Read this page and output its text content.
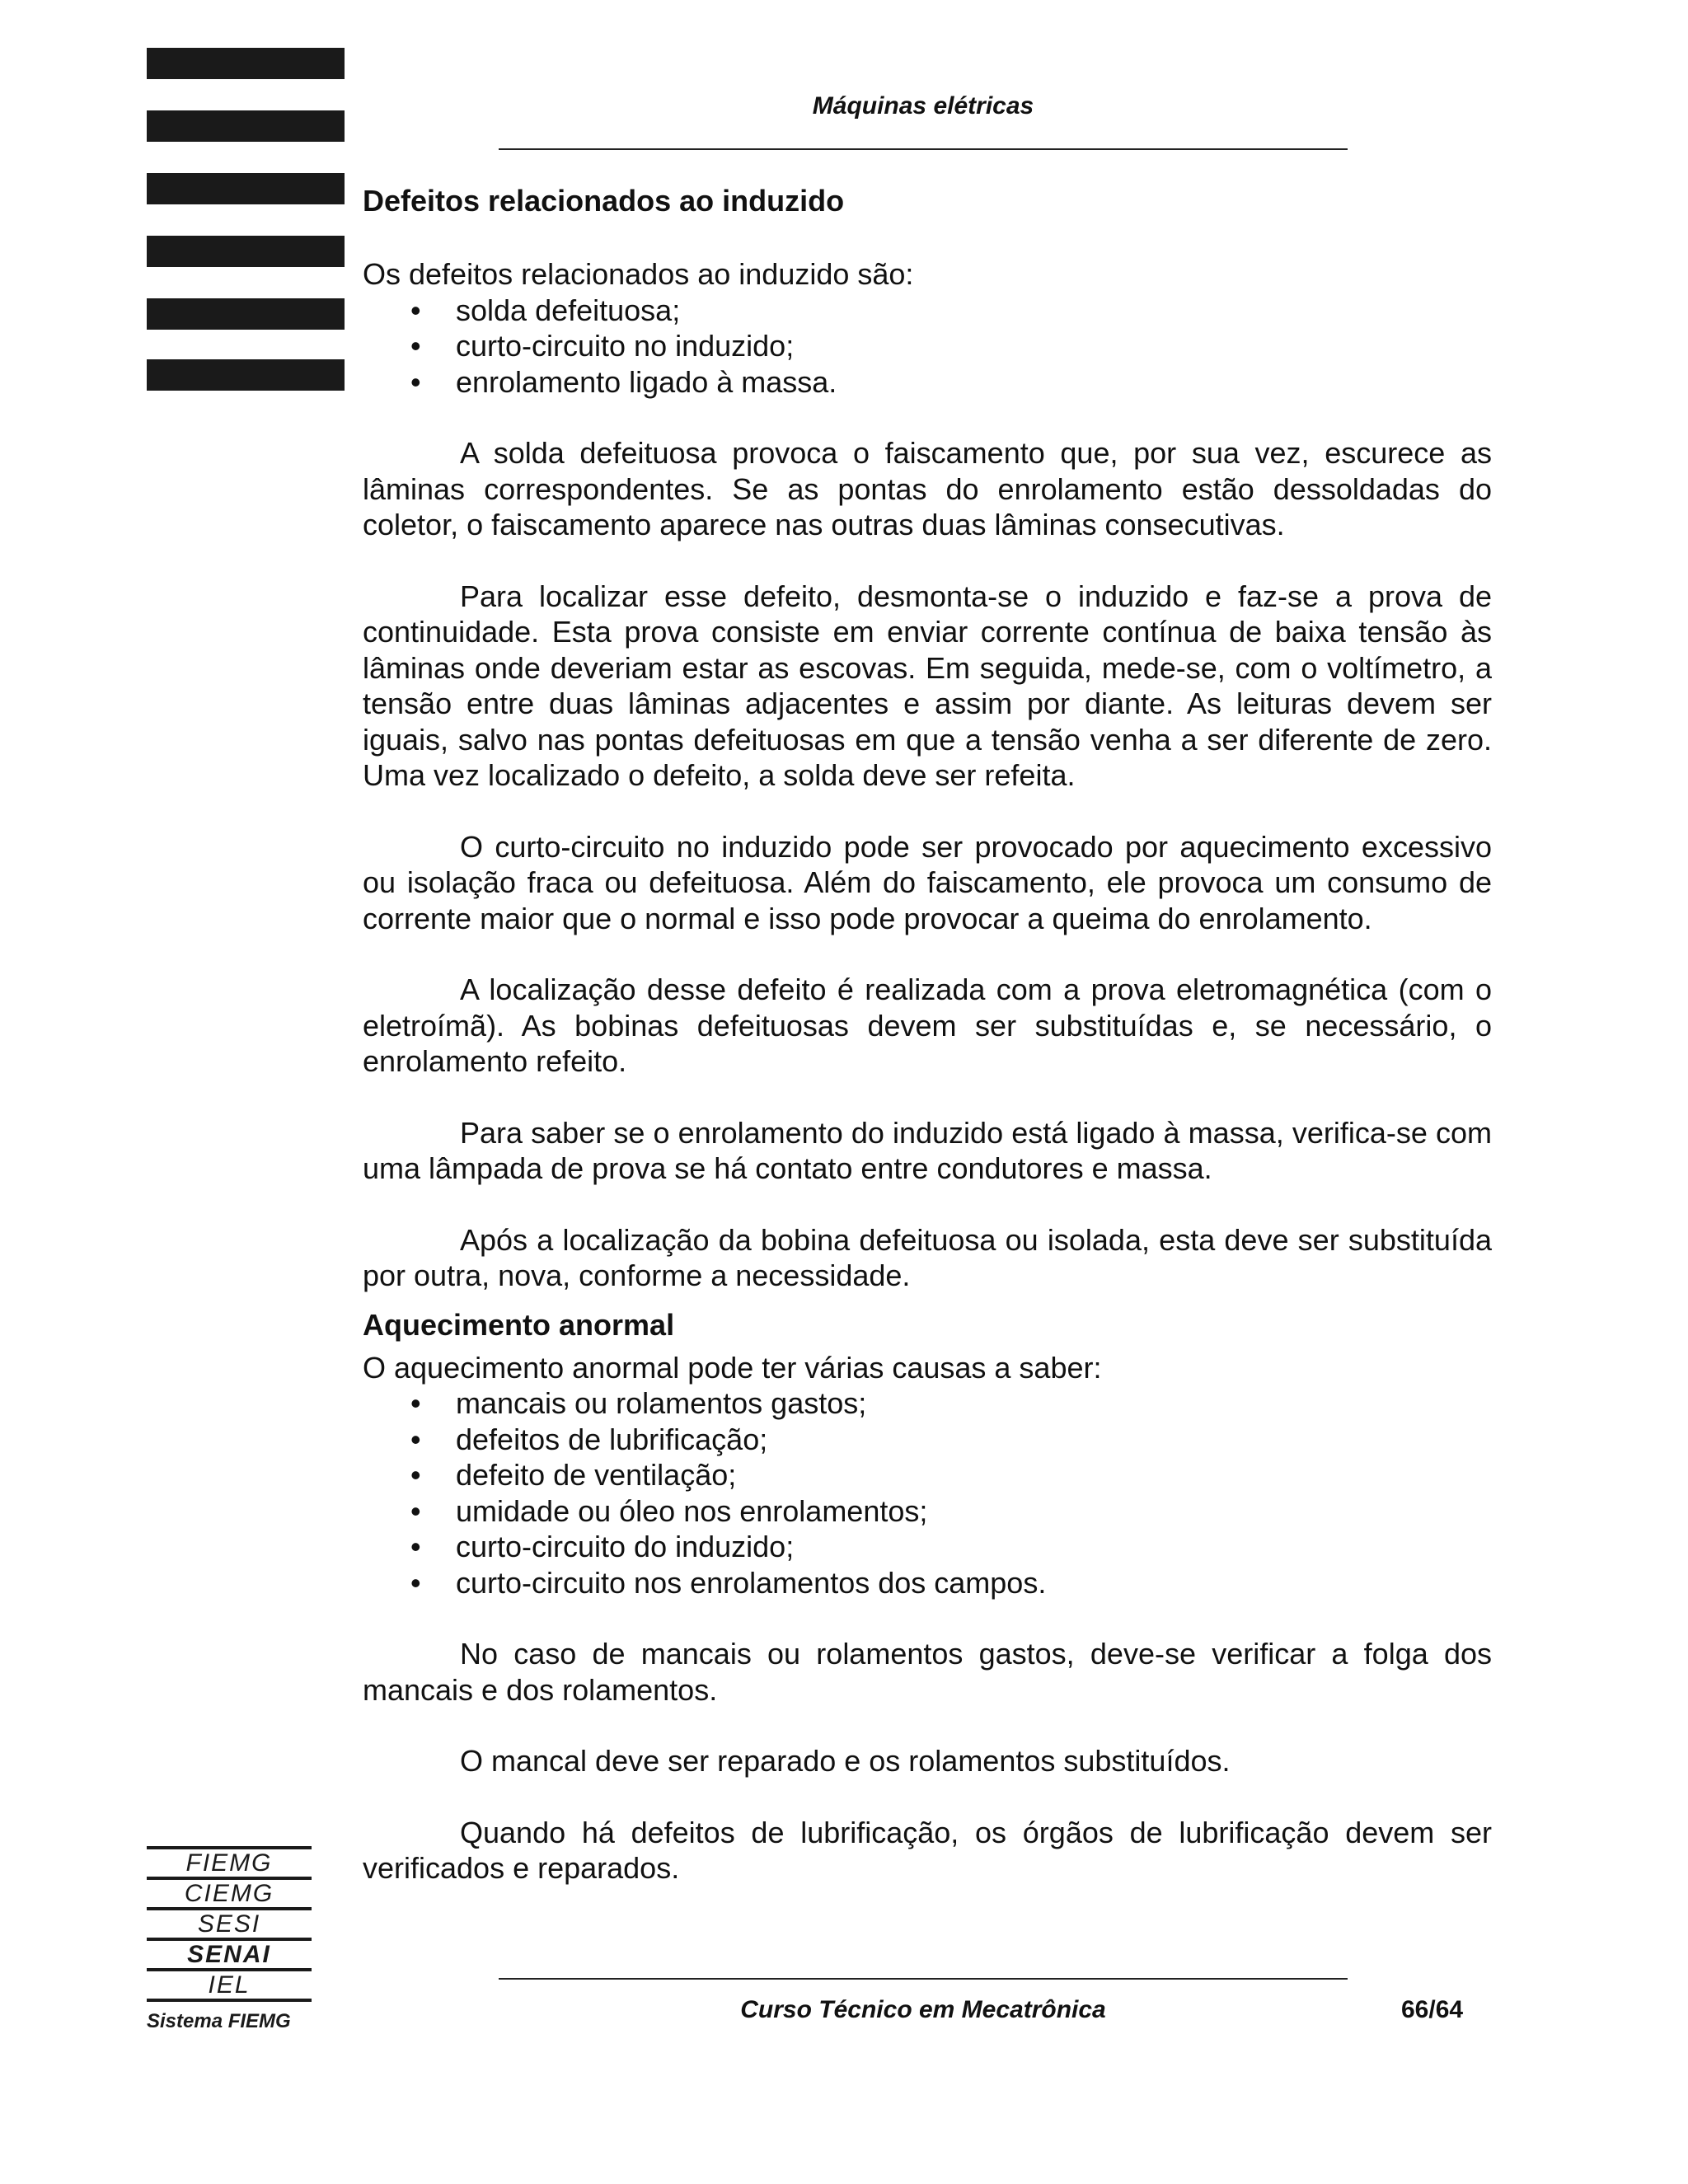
Máquinas elétricas
Defeitos relacionados ao induzido

Os defeitos relacionados ao induzido são:

• solda defeituosa;
• curto-circuito no induzido;
• enrolamento ligado à massa.

A solda defeituosa provoca o faiscamento que, por sua vez, escurece as lâminas correspondentes. Se as pontas do enrolamento estão dessoldadas do coletor, o faiscamento aparece nas outras duas lâminas consecutivas.

Para localizar esse defeito, desmonta-se o induzido e faz-se a prova de continuidade. Esta prova consiste em enviar corrente contínua de baixa tensão às lâminas onde deveriam estar as escovas. Em seguida, mede-se, com o voltímetro, a tensão entre duas lâminas adjacentes e assim por diante. As leituras devem ser iguais, salvo nas pontas defeituosas em que a tensão venha a ser diferente de zero. Uma vez localizado o defeito, a solda deve ser refeita.

O curto-circuito no induzido pode ser provocado por aquecimento excessivo ou isolação fraca ou defeituosa. Além do faiscamento, ele provoca um consumo de corrente maior que o normal e isso pode provocar a queima do enrolamento.

A localização desse defeito é realizada com a prova eletromagnética (com o eletroímã). As bobinas defeituosas devem ser substituídas e, se necessário, o enrolamento refeito.

Para saber se o enrolamento do induzido está ligado à massa, verifica-se com uma lâmpada de prova se há contato entre condutores e massa.

Após a localização da bobina defeituosa ou isolada, esta deve ser substituída por outra, nova, conforme a necessidade.

Aquecimento anormal

O aquecimento anormal pode ter várias causas a saber:

• mancais ou rolamentos gastos;
• defeitos de lubrificação;
• defeito de ventilação;
• umidade ou óleo nos enrolamentos;
• curto-circuito do induzido;
• curto-circuito nos enrolamentos dos campos.

No caso de mancais ou rolamentos gastos, deve-se verificar a folga dos mancais e dos rolamentos.

O mancal deve ser reparado e os rolamentos substituídos.

Quando há defeitos de lubrificação, os órgãos de lubrificação devem ser verificados e reparados.

FIEMG
CIEMG
SESI
SENAI
IEL
Sistema FIEMG	Curso Técnico em Mecatrônica	66/64
